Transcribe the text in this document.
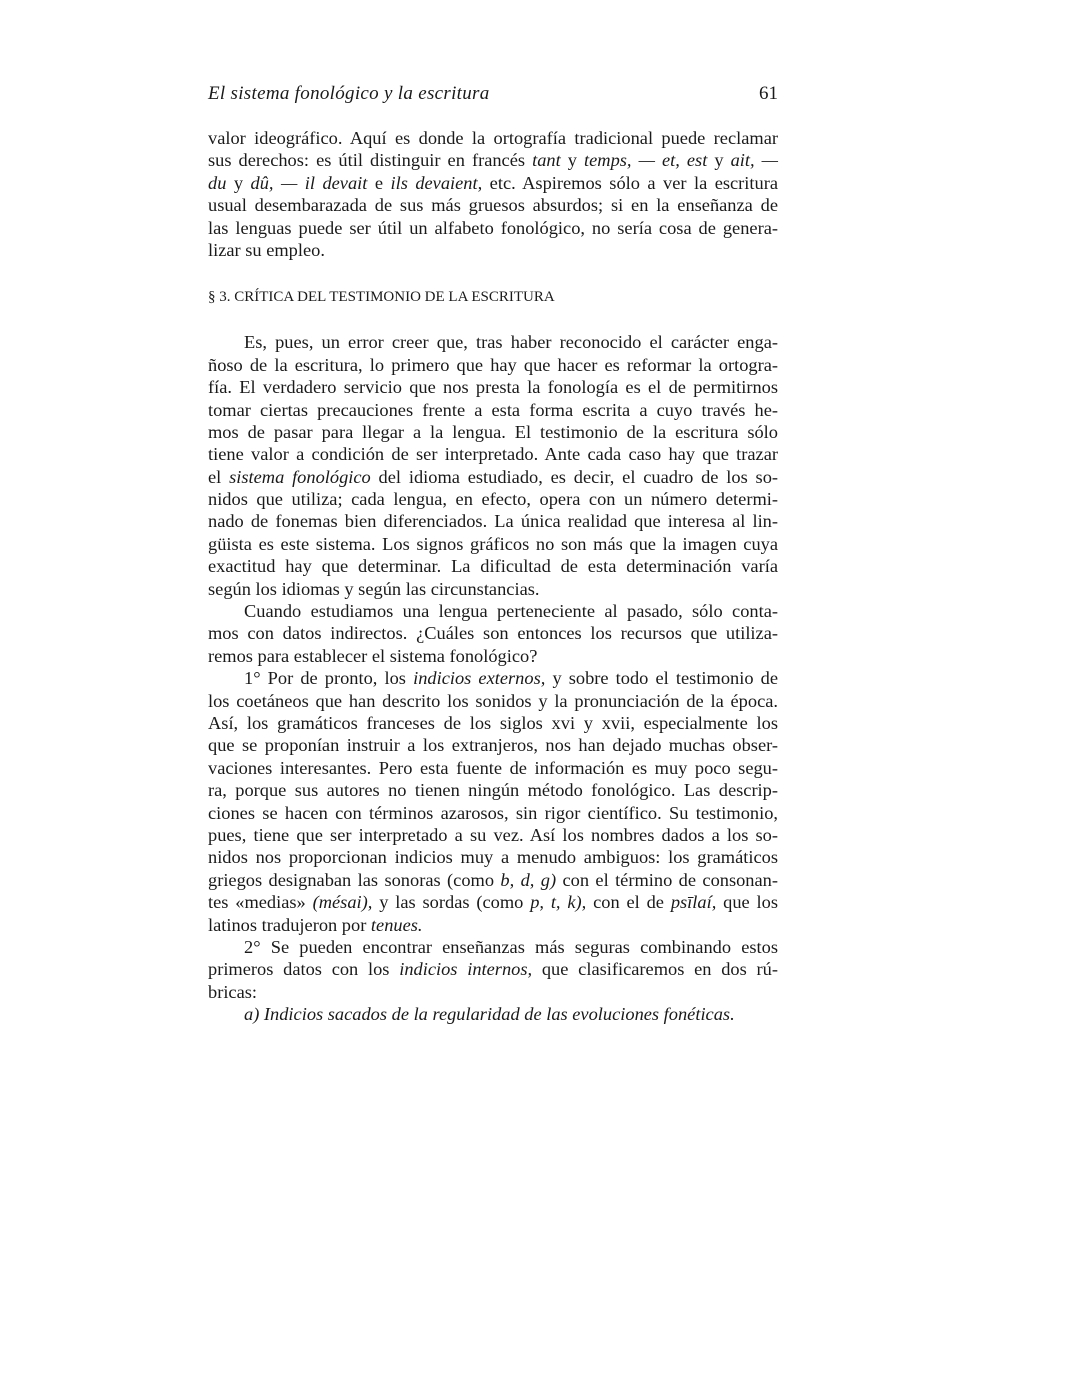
El sistema fonológico y la escritura	61
valor ideográfico. Aquí es donde la ortografía tradicional puede reclamar
sus derechos: es útil distinguir en francés tant y temps, — et, est y ait, —
du y dû, — il devait e ils devaient, etc. Aspiremos sólo a ver la escritura
usual desembarazada de sus más gruesos absurdos; si en la enseñanza de
las lenguas puede ser útil un alfabeto fonológico, no sería cosa de genera-
lizar su empleo.
§ 3. CRÍTICA DEL TESTIMONIO DE LA ESCRITURA
Es, pues, un error creer que, tras haber reconocido el carácter enga-
ñoso de la escritura, lo primero que hay que hacer es reformar la ortogra-
fía. El verdadero servicio que nos presta la fonología es el de permitirnos
tomar ciertas precauciones frente a esta forma escrita a cuyo través he-
mos de pasar para llegar a la lengua. El testimonio de la escritura sólo
tiene valor a condición de ser interpretado. Ante cada caso hay que trazar
el sistema fonológico del idioma estudiado, es decir, el cuadro de los so-
nidos que utiliza; cada lengua, en efecto, opera con un número determi-
nado de fonemas bien diferenciados. La única realidad que interesa al lin-
güista es este sistema. Los signos gráficos no son más que la imagen cuya
exactitud hay que determinar. La dificultad de esta determinación varía
según los idiomas y según las circunstancias.
Cuando estudiamos una lengua perteneciente al pasado, sólo conta-
mos con datos indirectos. ¿Cuáles son entonces los recursos que utiliza-
remos para establecer el sistema fonológico?
1° Por de pronto, los indicios externos, y sobre todo el testimonio de
los coetáneos que han descrito los sonidos y la pronunciación de la época.
Así, los gramáticos franceses de los siglos xvi y xvii, especialmente los
que se proponían instruir a los extranjeros, nos han dejado muchas obser-
vaciones interesantes. Pero esta fuente de información es muy poco segu-
ra, porque sus autores no tienen ningún método fonológico. Las descrip-
ciones se hacen con términos azarosos, sin rigor científico. Su testimonio,
pues, tiene que ser interpretado a su vez. Así los nombres dados a los so-
nidos nos proporcionan indicios muy a menudo ambiguos: los gramáticos
griegos designaban las sonoras (como b, d, g) con el término de consonan-
tes «medias» (mésai), y las sordas (como p, t, k), con el de psīlaí, que los
latinos tradujeron por tenues.
2° Se pueden encontrar enseñanzas más seguras combinando estos
primeros datos con los indicios internos, que clasificaremos en dos rú-
bricas:
a) Indicios sacados de la regularidad de las evoluciones fonéticas.
